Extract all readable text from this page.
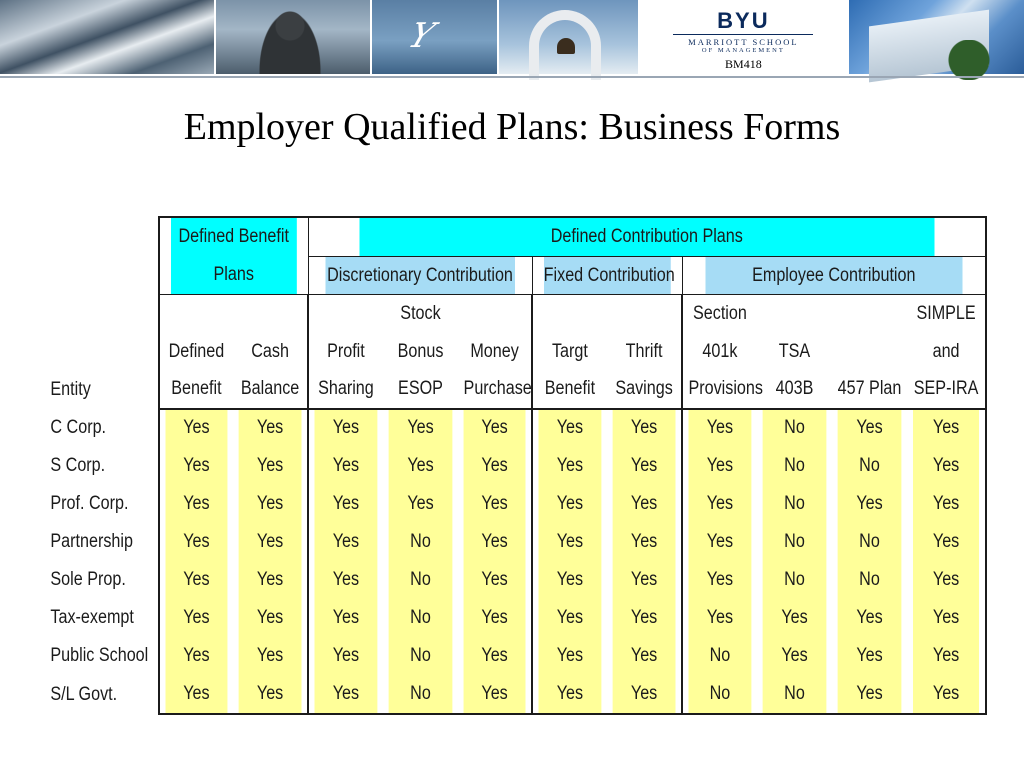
Y	BYU
MARRIOTT SCHOOL
OF MANAGEMENT
BM418
Employer Qualified Plans: Business Forms
	Defined Benefit Plans		Defined Contribution Plans								
			Discretionary Contribution			Fixed Contribution		Employee Contribution			
				Stock				Section			SIMPLE
	Defined	Cash	Profit	Bonus	Money	Targt	Thrift	401k	TSA		and
Entity	Benefit	Balance	Sharing	ESOP	Purchase	Benefit	Savings	Provisions	403B	457 Plan	SEP-IRA
C Corp.	Yes	Yes	Yes	Yes	Yes	Yes	Yes	Yes	No	Yes	Yes
S Corp.	Yes	Yes	Yes	Yes	Yes	Yes	Yes	Yes	No	No	Yes
Prof. Corp.	Yes	Yes	Yes	Yes	Yes	Yes	Yes	Yes	No	Yes	Yes
Partnership	Yes	Yes	Yes	No	Yes	Yes	Yes	Yes	No	No	Yes
Sole Prop.	Yes	Yes	Yes	No	Yes	Yes	Yes	Yes	No	No	Yes
Tax-exempt	Yes	Yes	Yes	No	Yes	Yes	Yes	Yes	Yes	Yes	Yes
Public School	Yes	Yes	Yes	No	Yes	Yes	Yes	No	Yes	Yes	Yes
S/L Govt.	Yes	Yes	Yes	No	Yes	Yes	Yes	No	No	Yes	Yes
